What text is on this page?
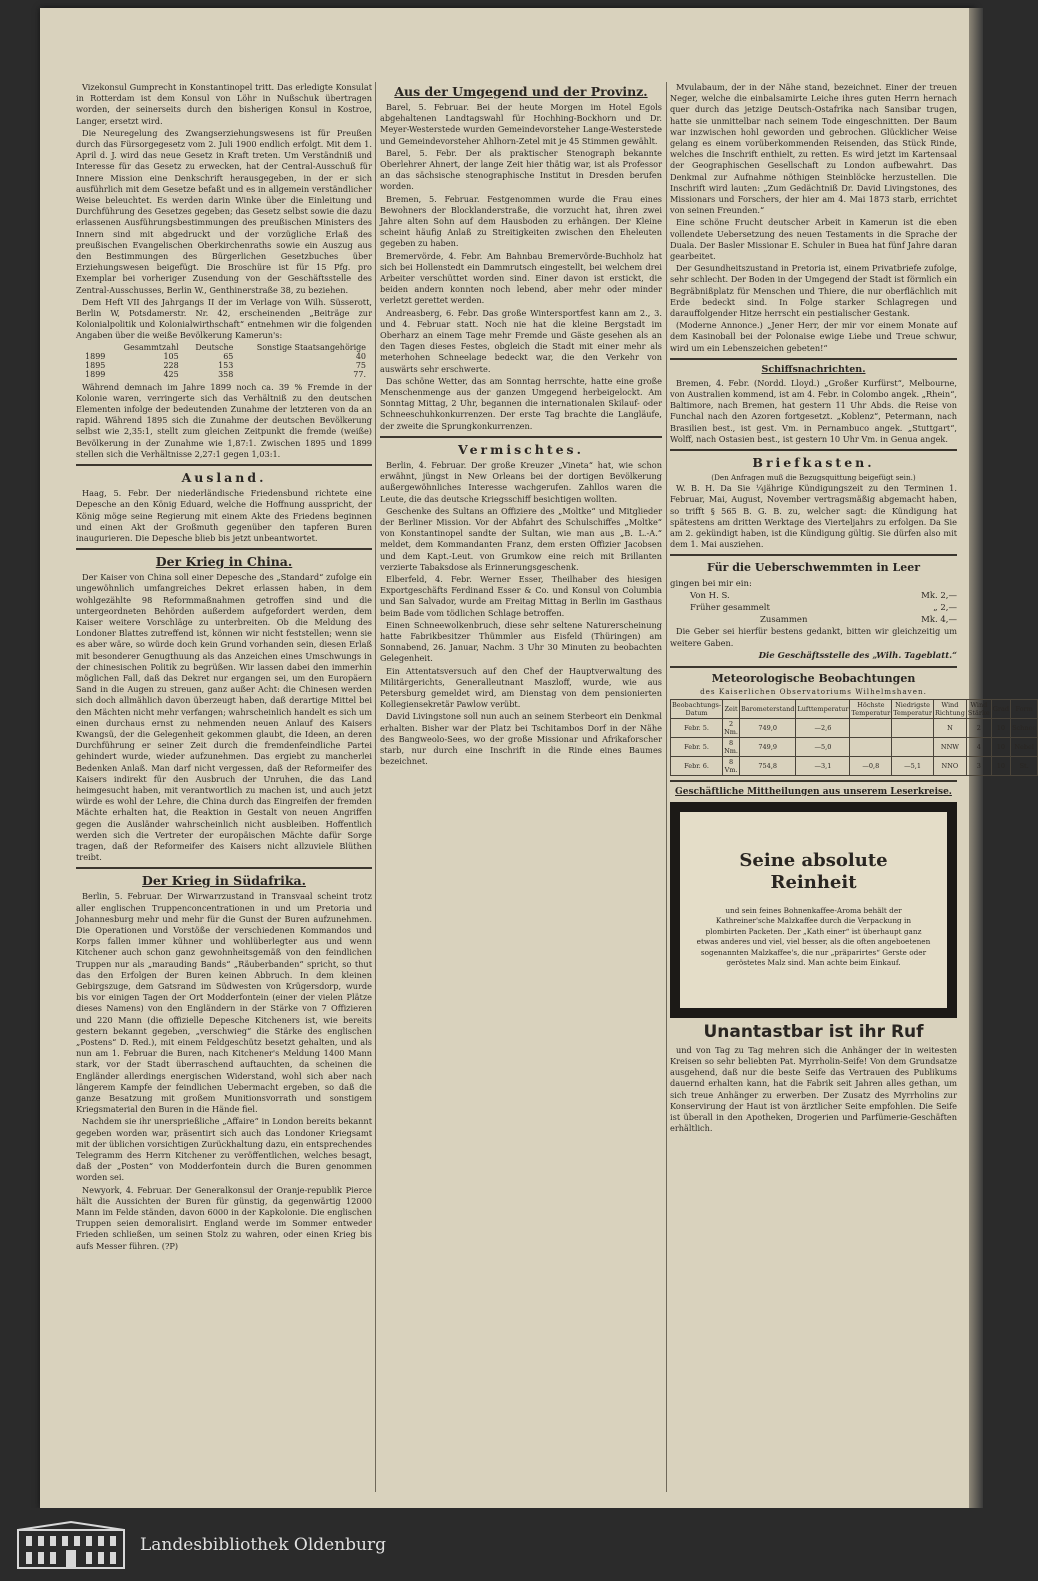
Vizekonsul Gumprecht in Konstantinopel tritt. Das erledigte Konsulat in Rotterdam ist dem Konsul von Löhr in Nußschuk übertragen worden, der seinerseits durch den bisherigen Konsul in Kostroe, Langer, ersetzt wird.

Die Neuregelung des Zwangserziehungswesens ist für Preußen durch das Fürsorgegesetz vom 2. Juli 1900 endlich erfolgt. Mit dem 1. April d. J. wird das neue Gesetz in Kraft treten. Um Verständniß und Interesse für das Gesetz zu erwecken, hat der Central-Ausschuß für Innere Mission eine Denkschrift herausgegeben, in der er sich ausführlich mit dem Gesetze befaßt und es in allgemein verständlicher Weise beleuchtet. Es werden darin Winke über die Einleitung und Durchführung des Gesetzes gegeben; das Gesetz selbst sowie die dazu erlassenen Ausführungsbestimmungen des preußischen Ministers des Innern sind mit abgedruckt und der vorzügliche Erlaß des preußischen Evangelischen Oberkirchenraths sowie ein Auszug aus den Bestimmungen des Bürgerlichen Gesetzbuches über Erziehungswesen beigefügt. Die Broschüre ist für 15 Pfg. pro Exemplar bei vorheriger Zusendung von der Geschäftsstelle des Zentral-Ausschusses, Berlin W., Genthinerstraße 38, zu beziehen.

Dem Heft VII des Jahrgangs II der im Verlage von Wilh. Süsserott, Berlin W, Potsdamerstr. Nr. 42, erscheinenden „Beiträge zur Kolonialpolitik und Kolonialwirthschaft“ entnehmen wir die folgenden Angaben über die weiße Bevölkerung Kamerun's:

	Gesammtzahl	Deutsche	Sonstige Staatsangehörige
1899	105	65	40
1895	228	153	75
1899	425	358	77.

Während demnach im Jahre 1899 noch ca. 39 % Fremde in der Kolonie waren, verringerte sich das Verhältniß zu den deutschen Elementen infolge der bedeutenden Zunahme der letzteren von da an rapid. Während 1895 sich die Zunahme der deutschen Bevölkerung selbst wie 2,35:1, stellt zum gleichen Zeitpunkt die fremde (weiße) Bevölkerung in der Zunahme wie 1,87:1. Zwischen 1895 und 1899 stellen sich die Verhältnisse 2,27:1 gegen 1,03:1.

Ausland.

Haag, 5. Febr. Der niederländische Friedensbund richtete eine Depesche an den König Eduard, welche die Hoffnung ausspricht, der König möge seine Regierung mit einem Akte des Friedens beginnen und einen Akt der Großmuth gegenüber den tapferen Buren inaugurieren. Die Depesche blieb bis jetzt unbeantwortet.

Der Krieg in China.

Der Kaiser von China soll einer Depesche des „Standard“ zufolge ein ungewöhnlich umfangreiches Dekret erlassen haben, in dem wohlgezählte 98 Reformmaßnahmen getroffen sind und die untergeordneten Behörden außerdem aufgefordert werden, dem Kaiser weitere Vorschläge zu unterbreiten. Ob die Meldung des Londoner Blattes zutreffend ist, können wir nicht feststellen; wenn sie es aber wäre, so würde doch kein Grund vorhanden sein, diesen Erlaß mit besonderer Genugthuung als das Anzeichen eines Umschwungs in der chinesischen Politik zu begrüßen. Wir lassen dabei den immerhin möglichen Fall, daß das Dekret nur ergangen sei, um den Europäern Sand in die Augen zu streuen, ganz außer Acht: die Chinesen werden sich doch allmählich davon überzeugt haben, daß derartige Mittel bei den Mächten nicht mehr verfangen; wahrscheinlich handelt es sich um einen durchaus ernst zu nehmenden neuen Anlauf des Kaisers Kwangsü, der die Gelegenheit gekommen glaubt, die Ideen, an deren Durchführung er seiner Zeit durch die fremdenfeindliche Partei gehindert wurde, wieder aufzunehmen. Das ergiebt zu mancherlei Bedenken Anlaß. Man darf nicht vergessen, daß der Reformeifer des Kaisers indirekt für den Ausbruch der Unruhen, die das Land heimgesucht haben, mit verantwortlich zu machen ist, und auch jetzt würde es wohl der Lehre, die China durch das Eingreifen der fremden Mächte erhalten hat, die Reaktion in Gestalt von neuen Angriffen gegen die Ausländer wahrscheinlich nicht ausbleiben. Hoffentlich werden sich die Vertreter der europäischen Mächte dafür Sorge tragen, daß der Reformeifer des Kaisers nicht allzuviele Blüthen treibt.

Der Krieg in Südafrika.

Berlin, 5. Februar. Der Wirwarrzustand in Transvaal scheint trotz aller englischen Truppenconcentrationen in und um Pretoria und Johannesburg mehr und mehr für die Gunst der Buren aufzunehmen. Die Operationen und Vorstöße der verschiedenen Kommandos und Korps fallen immer kühner und wohlüberlegter aus und wenn Kitchener auch schon ganz gewohnheitsgemäß von den feindlichen Truppen nur als „marauding Bands“ „Räuberbanden“ spricht, so thut das den Erfolgen der Buren keinen Abbruch. In dem kleinen Gebirgszuge, dem Gatsrand im Südwesten von Krügersdorp, wurde bis vor einigen Tagen der Ort Modderfontein (einer der vielen Plätze dieses Namens) von den Engländern in der Stärke von 7 Offizieren und 220 Mann (die offizielle Depesche Kitcheners ist, wie bereits gestern bekannt gegeben, „verschwieg“ die Stärke des englischen „Postens“ D. Red.), mit einem Feldgeschütz besetzt gehalten, und als nun am 1. Februar die Buren, nach Kitchener's Meldung 1400 Mann stark, vor der Stadt überraschend auftauchten, da scheinen die Engländer allerdings energischen Widerstand, wohl sich aber nach längerem Kampfe der feindlichen Uebermacht ergeben, so daß die ganze Besatzung mit großem Munitionsvorrath und sonstigem Kriegsmaterial den Buren in die Hände fiel.

Nachdem sie ihr unersprießliche „Affaire“ in London bereits bekannt gegeben worden war, präsentirt sich auch das Londoner Kriegsamt mit der üblichen vorsichtigen Zurückhaltung dazu, ein entsprechendes Telegramm des Herrn Kitchener zu veröffentlichen, welches besagt, daß der „Posten“ von Modderfontein durch die Buren genommen worden sei.

Newyork, 4. Februar. Der Generalkonsul der Oranje-republik Pierce hält die Aussichten der Buren für günstig, da gegenwärtig 12000 Mann im Felde ständen, davon 6000 in der Kapkolonie. Die englischen Truppen seien demoralisirt. England werde im Sommer entweder Frieden schließen, um seinen Stolz zu wahren, oder einen Krieg bis aufs Messer führen. (?P)

Aus der Umgegend und der Provinz.

Barel, 5. Februar. Bei der heute Morgen im Hotel Egols abgehaltenen Landtagswahl für Hochhing-Bockhorn und Dr. Meyer-Westerstede wurden Gemeindevorsteher Lange-Westerstede und Gemeindevorsteher Ahlhorn-Zetel mit je 45 Stimmen gewählt.

Barel, 5. Febr. Der als praktischer Stenograph bekannte Oberlehrer Ahnert, der lange Zeit hier thätig war, ist als Professor an das sächsische stenographische Institut in Dresden berufen worden.

Bremen, 5. Februar. Festgenommen wurde die Frau eines Bewohners der Blocklanderstraße, die vorzucht hat, ihren zwei Jahre alten Sohn auf dem Hausboden zu erhängen. Der Kleine scheint häufig Anlaß zu Streitigkeiten zwischen den Eheleuten gegeben zu haben.

Bremervörde, 4. Febr. Am Bahnbau Bremervörde-Buchholz hat sich bei Hollenstedt ein Dammrutsch eingestellt, bei welchem drei Arbeiter verschüttet worden sind. Einer davon ist erstickt, die beiden andern konnten noch lebend, aber mehr oder minder verletzt gerettet werden.

Andreasberg, 6. Febr. Das große Wintersportfest kann am 2., 3. und 4. Februar statt. Noch nie hat die kleine Bergstadt im Oberharz an einem Tage mehr Fremde und Gäste gesehen als an den Tagen dieses Festes, obgleich die Stadt mit einer mehr als meterhohen Schneelage bedeckt war, die den Verkehr von auswärts sehr erschwerte.

Das schöne Wetter, das am Sonntag herrschte, hatte eine große Menschenmenge aus der ganzen Umgegend herbeigelockt. Am Sonntag Mittag, 2 Uhr, begannen die internationalen Skilauf- oder Schneeschuhkonkurrenzen. Der erste Tag brachte die Langläufe, der zweite die Sprungkonkurrenzen.

Vermischtes.

Berlin, 4. Februar. Der große Kreuzer „Vineta“ hat, wie schon erwähnt, jüngst in New Orleans bei der dortigen Bevölkerung außergewöhnliches Interesse wachgerufen. Zahllos waren die Leute, die das deutsche Kriegsschiff besichtigen wollten.

Geschenke des Sultans an Offiziere des „Moltke“ und Mitglieder der Berliner Mission. Vor der Abfahrt des Schulschiffes „Moltke“ von Konstantinopel sandte der Sultan, wie man aus „B. L.-A.“ meldet, dem Kommandanten Franz, dem ersten Offizier Jacobsen und dem Kapt.-Leut. von Grumkow eine reich mit Brillanten verzierte Tabaksdose als Erinnerungsgeschenk.

Elberfeld, 4. Febr. Werner Esser, Theilhaber des hiesigen Exportgeschäfts Ferdinand Esser & Co. und Konsul von Columbia und San Salvador, wurde am Freitag Mittag in Berlin im Gasthaus beim Bade vom tödlichen Schlage betroffen.

Einen Schneewolkenbruch, diese sehr seltene Naturerscheinung hatte Fabrikbesitzer Thümmler aus Eisfeld (Thüringen) am Sonnabend, 26. Januar, Nachm. 3 Uhr 30 Minuten zu beobachten Gelegenheit.

Ein Attentatsversuch auf den Chef der Hauptverwaltung des Militärgerichts, Generalleutnant Maszloff, wurde, wie aus Petersburg gemeldet wird, am Dienstag von dem pensionierten Kollegiensekretär Pawlow verübt.

David Livingstone soll nun auch an seinem Sterbeort ein Denkmal erhalten. Bisher war der Platz bei Tschitambos Dorf in der Nähe des Bangweolo-Sees, wo der große Missionar und Afrikaforscher starb, nur durch eine Inschrift in die Rinde eines Baumes bezeichnet.

Mvulabaum, der in der Nähe stand, bezeichnet. Einer der treuen Neger, welche die einbalsamirte Leiche ihres guten Herrn hernach quer durch das jetzige Deutsch-Ostafrika nach Sansibar trugen, hatte sie unmittelbar nach seinem Tode eingeschnitten. Der Baum war inzwischen hohl geworden und gebrochen. Glücklicher Weise gelang es einem vorüberkommenden Reisenden, das Stück Rinde, welches die Inschrift enthielt, zu retten. Es wird jetzt im Kartensaal der Geographischen Gesellschaft zu London aufbewahrt. Das Denkmal zur Aufnahme nöthigen Steinblöcke herzustellen. Die Inschrift wird lauten: „Zum Gedächtniß Dr. David Livingstones, des Missionars und Forschers, der hier am 4. Mai 1873 starb, errichtet von seinen Freunden.“

Eine schöne Frucht deutscher Arbeit in Kamerun ist die eben vollendete Uebersetzung des neuen Testaments in die Sprache der Duala. Der Basler Missionar E. Schuler in Buea hat fünf Jahre daran gearbeitet.

Der Gesundheitszustand in Pretoria ist, einem Privatbriefe zufolge, sehr schlecht. Der Boden in der Umgegend der Stadt ist förmlich ein Begräbnißplatz für Menschen und Thiere, die nur oberflächlich mit Erde bedeckt sind. In Folge starker Schlagregen und darauffolgender Hitze herrscht ein pestialischer Gestank.

(Moderne Annonce.) „Jener Herr, der mir vor einem Monate auf dem Kasinoball bei der Polonaise ewige Liebe und Treue schwur, wird um ein Lebenszeichen gebeten!“

Schiffsnachrichten.

Bremen, 4. Febr. (Nordd. Lloyd.) „Großer Kurfürst“, Melbourne, von Australien kommend, ist am 4. Febr. in Colombo angek. „Rhein“, Baltimore, nach Bremen, hat gestern 11 Uhr Abds. die Reise von Funchal nach den Azoren fortgesetzt. „Koblenz“, Petermann, nach Brasilien best., ist gest. Vm. in Pernambuco angek. „Stuttgart“, Wolff, nach Ostasien best., ist gestern 10 Uhr Vm. in Genua angek.

Briefkasten.
(Den Anfragen muß die Bezugsquittung beigefügt sein.)

W. B. H. Da Sie ¼jährige Kündigungszeit zu den Terminen 1. Februar, Mai, August, November vertragsmäßig abgemacht haben, so trifft § 565 B. G. B. zu, welcher sagt: die Kündigung hat spätestens am dritten Werktage des Vierteljahrs zu erfolgen. Da Sie am 2. gekündigt haben, ist die Kündigung gültig. Sie dürfen also mit dem 1. Mai ausziehen.

Für die Ueberschwemmten in Leer
gingen bei mir ein:
Von H. S.	Mk. 2,—
Früher gesammelt	„ 2,—
Zusammen	Mk. 4,—

Die Geber sei hierfür bestens gedankt, bitten wir gleichzeitig um weitere Gaben.

Die Geschäftsstelle des „Wilh. Tageblatt.“
Meteorologische Beobachtungen
des Kaiserlichen Observatoriums Wilhelmshaven.
Beobachtungs-Datum	Zeit	Barometerstand	Lufttemperatur	Höchste Temperatur	Niedrigste Temperatur	Wind Richtung	Wind Stärke	Grad	Form
Febr. 5.	2 Nm.	749,0	—2,6			N	2	10	Schnee
Febr. 5.	8 Nm.	749,9	—5,0			NNW	4	10	Nebel
Febr. 6.	8 Vm.	754,8	—3,1	—0,8	—5,1	NNO	3	10	St.
Geschäftliche Mittheilungen aus unserem Leserkreise.
Seine absolute
Reinheit
und sein feines Bohnenkaffee-Aroma behält der Kathreiner'sche Malzkaffee durch die Verpackung in plombirten Packeten. Der „Kath einer“ ist überhaupt ganz etwas anderes und viel, viel besser, als die often angeboetenen sogenannten Malzkaffee's, die nur „präparirtes“ Gerste oder geröstetes Malz sind. Man achte beim Einkauf.
Unantastbar ist ihr Ruf

und von Tag zu Tag mehren sich die Anhänger der in weitesten Kreisen so sehr beliebten Pat. Myrrholin-Seife! Von dem Grundsatze ausgehend, daß nur die beste Seife das Vertrauen des Publikums dauernd erhalten kann, hat die Fabrik seit Jahren alles gethan, um sich treue Anhänger zu erwerben. Der Zusatz des Myrrholins zur Konservirung der Haut ist von ärztlicher Seite empfohlen. Die Seife ist überall in den Apotheken, Drogerien und Parfümerie-Geschäften erhältlich.

Landesbibliothek Oldenburg
